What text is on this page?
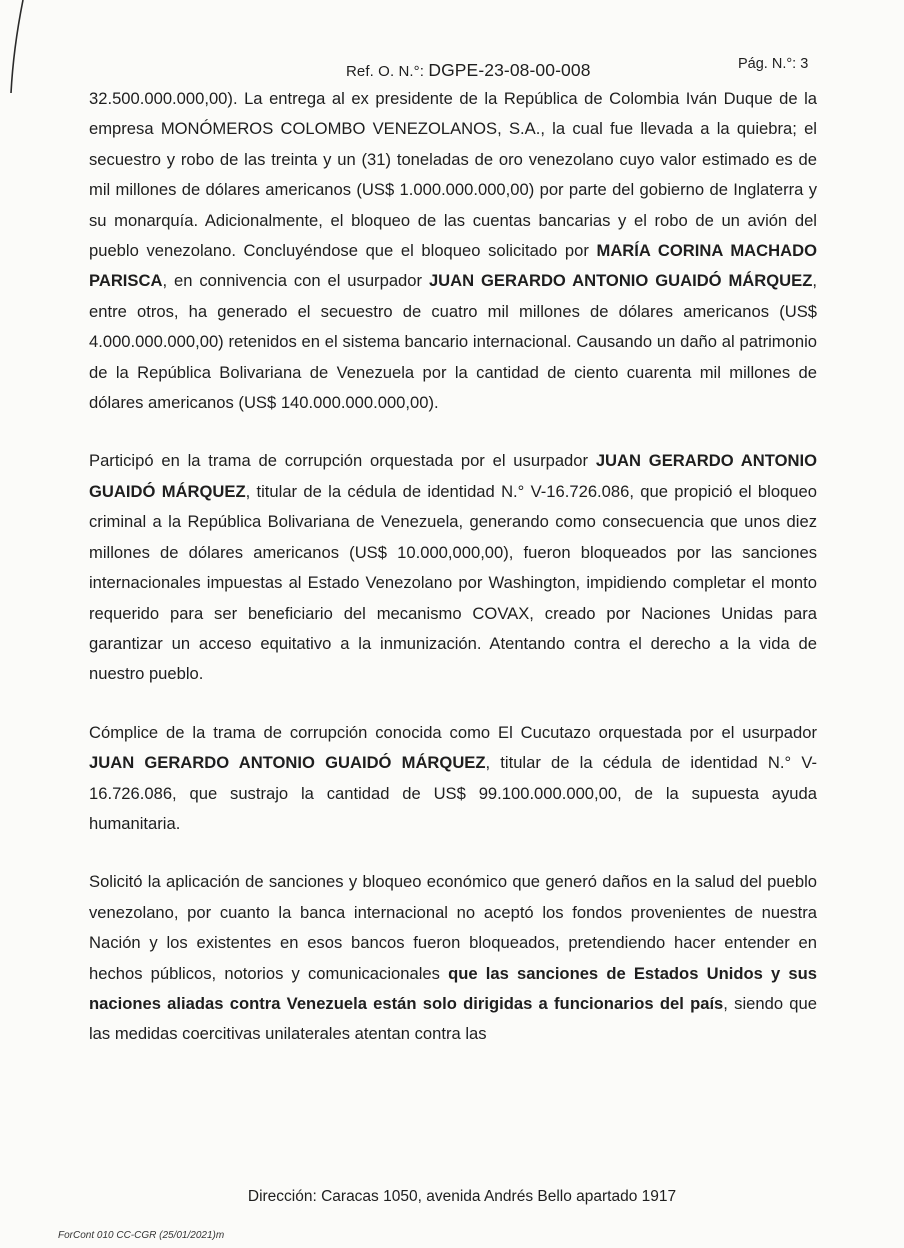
Ref. O. N.°: DGPE-23-08-00-008	Pág. N.°: 3

32.500.000.000,00). La entrega al ex presidente de la República de Colombia Iván Duque de la empresa MONÓMEROS COLOMBO VENEZOLANOS, S.A., la cual fue llevada a la quiebra; el secuestro y robo de las treinta y un (31) toneladas de oro venezolano cuyo valor estimado es de mil millones de dólares americanos (US$ 1.000.000.000,00) por parte del gobierno de Inglaterra y su monarquía. Adicionalmente, el bloqueo de las cuentas bancarias y el robo de un avión del pueblo venezolano. Concluyéndose que el bloqueo solicitado por MARÍA CORINA MACHADO PARISCA, en connivencia con el usurpador JUAN GERARDO ANTONIO GUAIDÓ MÁRQUEZ, entre otros, ha generado el secuestro de cuatro mil millones de dólares americanos (US$ 4.000.000.000,00) retenidos en el sistema bancario internacional. Causando un daño al patrimonio de la República Bolivariana de Venezuela por la cantidad de ciento cuarenta mil millones de dólares americanos (US$ 140.000.000.000,00).

Participó en la trama de corrupción orquestada por el usurpador JUAN GERARDO ANTONIO GUAIDÓ MÁRQUEZ, titular de la cédula de identidad N.° V-16.726.086, que propició el bloqueo criminal a la República Bolivariana de Venezuela, generando como consecuencia que unos diez millones de dólares americanos (US$ 10.000,000,00), fueron bloqueados por las sanciones internacionales impuestas al Estado Venezolano por Washington, impidiendo completar el monto requerido para ser beneficiario del mecanismo COVAX, creado por Naciones Unidas para garantizar un acceso equitativo a la inmunización. Atentando contra el derecho a la vida de nuestro pueblo.

Cómplice de la trama de corrupción conocida como El Cucutazo orquestada por el usurpador JUAN GERARDO ANTONIO GUAIDÓ MÁRQUEZ, titular de la cédula de identidad N.° V-16.726.086, que sustrajo la cantidad de US$ 99.100.000.000,00, de la supuesta ayuda humanitaria.

Solicitó la aplicación de sanciones y bloqueo económico que generó daños en la salud del pueblo venezolano, por cuanto la banca internacional no aceptó los fondos provenientes de nuestra Nación y los existentes en esos bancos fueron bloqueados, pretendiendo hacer entender en hechos públicos, notorios y comunicacionales que las sanciones de Estados Unidos y sus naciones aliadas contra Venezuela están solo dirigidas a funcionarios del país, siendo que las medidas coercitivas unilaterales atentan contra las

Dirección: Caracas 1050, avenida Andrés Bello apartado 1917
ForCont 010 CC-CGR (25/01/2021)m
